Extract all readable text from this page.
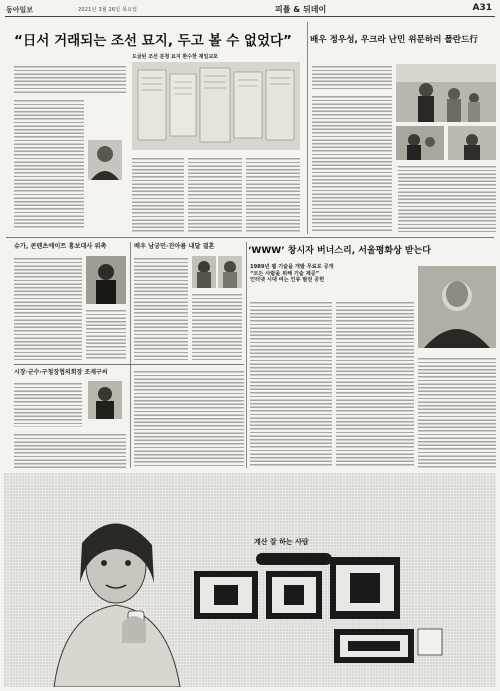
동아일보	2021년 3월 26일 목요일	피플 & 뒤데이	A31
“日서 거래되는 조선 묘지, 두고 볼 수 없었다”
도굴된 조선 분청 묘지 환수한 재일교포
배우 정우성, 우크라 난민 위문하러 폴란드行
‘WWW’ 창시자 버너스리, 서울평화상 받는다
1989년 웹 기술을 개발 무료로 공개
“모든 사람을 위해 기술 제공”
인터넷 시대 여는 인류 발전 공헌
슈가, 콘텐츠에이트 홍보대사 위촉	배우 남궁민·진아름 내달 결혼
시장·군수·구청장협의회장 조재구씨
계산 잘 하는 사람
